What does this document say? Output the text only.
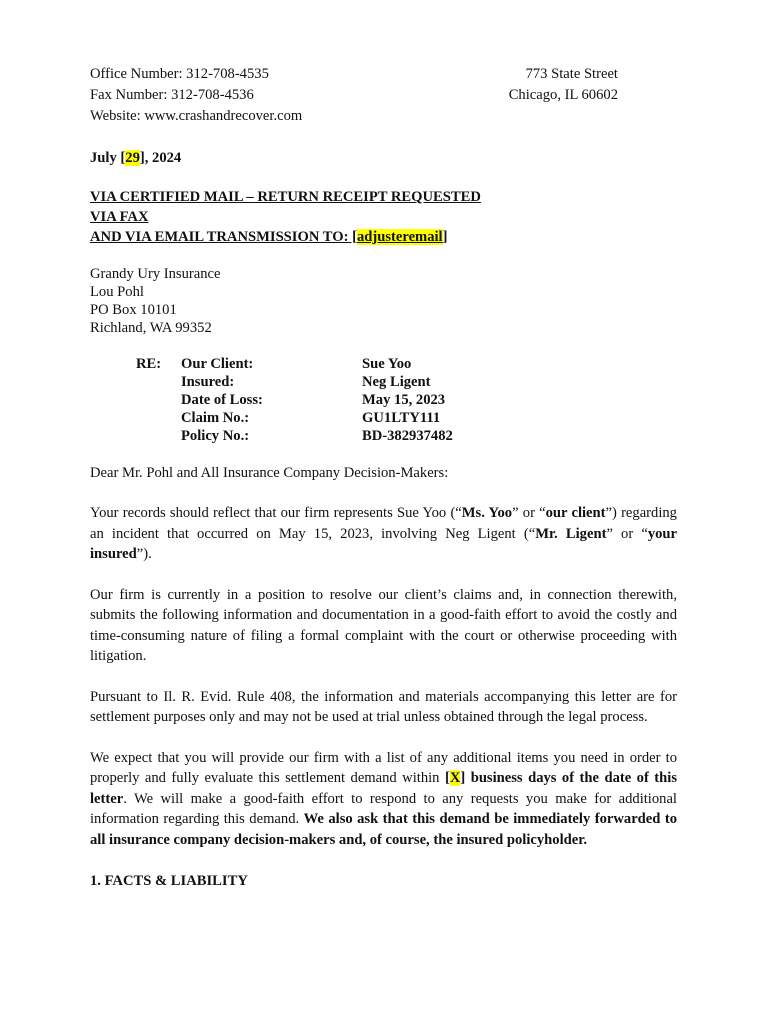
Office Number: 312-708-4535
Fax Number: 312-708-4536
Website: www.crashandrecover.com
773 State Street
Chicago, IL 60602
July [29], 2024
VIA CERTIFIED MAIL – RETURN RECEIPT REQUESTED
VIA FAX
AND VIA EMAIL TRANSMISSION TO: [adjusteremail]
Grandy Ury Insurance
Lou Pohl
PO Box 10101
Richland, WA 99352
RE:	Our Client:	Sue Yoo
Insured:	Neg Ligent
Date of Loss:	May 15, 2023
Claim No.:	GU1LTY111
Policy No.:	BD-382937482
Dear Mr. Pohl and All Insurance Company Decision-Makers:

Your records should reflect that our firm represents Sue Yoo (“Ms. Yoo” or “our client”) regarding an incident that occurred on May 15, 2023, involving Neg Ligent (“Mr. Ligent” or “your insured”).

Our firm is currently in a position to resolve our client’s claims and, in connection therewith, submits the following information and documentation in a good-faith effort to avoid the costly and time-consuming nature of filing a formal complaint with the court or otherwise proceeding with litigation.

Pursuant to Il. R. Evid. Rule 408, the information and materials accompanying this letter are for settlement purposes only and may not be used at trial unless obtained through the legal process.

We expect that you will provide our firm with a list of any additional items you need in order to properly and fully evaluate this settlement demand within [X] business days of the date of this letter. We will make a good-faith effort to respond to any requests you make for additional information regarding this demand. We also ask that this demand be immediately forwarded to all insurance company decision-makers and, of course, the insured policyholder.

1. FACTS & LIABILITY
